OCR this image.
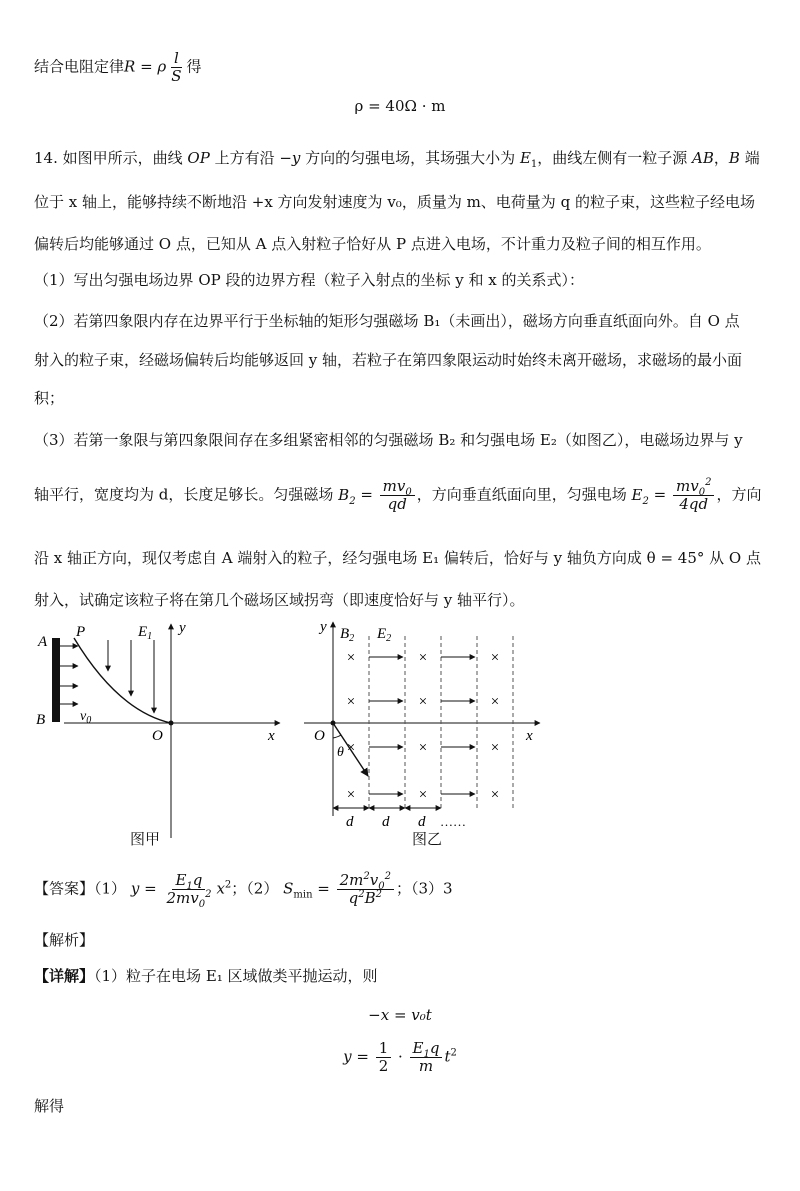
结合电阻定律R = ρ $\frac{l}{S}$ 得
ρ = 40Ω · m
14. 如图甲所示，曲线 OP 上方有沿 −y 方向的匀强电场，其场强大小为 $E_1$，曲线左侧有一粒子源 AB，B 端
位于 x 轴上，能够持续不断地沿 +x 方向发射速度为 v₀，质量为 m、电荷量为 q 的粒子束，这些粒子经电场
偏转后均能够通过 O 点，已知从 A 点入射粒子恰好从 P 点进入电场，不计重力及粒子间的相互作用。
（1）写出匀强电场边界 OP 段的边界方程（粒子入射点的坐标 y 和 x 的关系式）：
（2）若第四象限内存在边界平行于坐标轴的矩形匀强磁场 B₁（未画出），磁场方向垂直纸面向外。自 O 点
射入的粒子束，经磁场偏转后均能够返回 y 轴，若粒子在第四象限运动时始终未离开磁场，求磁场的最小面
积；
（3）若第一象限与第四象限间存在多组紧密相邻的匀强磁场 B₂ 和匀强电场 E₂（如图乙），电磁场边界与 y
轴平行，宽度均为 d，长度足够长。匀强磁场 $B_2 = \frac{mv_0}{qd}$ ，方向垂直纸面向里，匀强电场 $E_2 = \frac{mv_0^2}{4qd}$ ，方向
沿 x 轴正方向，现仅考虑自 A 端射入的粒子，经匀强电场 E₁ 偏转后，恰好与 y 轴负方向成 θ = 45° 从 O 点
射入，试确定该粒子将在第几个磁场区域拐弯（即速度恰好与 y 轴平行）。
A
B
P	$E_1$
y
x
O
$v_0$
图甲
×	×	×
×	×	×
×	×	×
×	×	×
y $B_2$ $E_2$
O	x
θ
d d d ……
图乙
【答案】（1） $y = \frac{E_1q}{2mv_0^2} x^2$；（2） $S_{min} = \frac{2m^2v_0^2}{q^2B^2}$ ；（3）3
【解析】
【详解】（1）粒子在电场 E₁ 区域做类平抛运动，则
−x = v₀t
$y = \frac{1}{2} \cdot \frac{E_1q}{m} t^2$
解得
